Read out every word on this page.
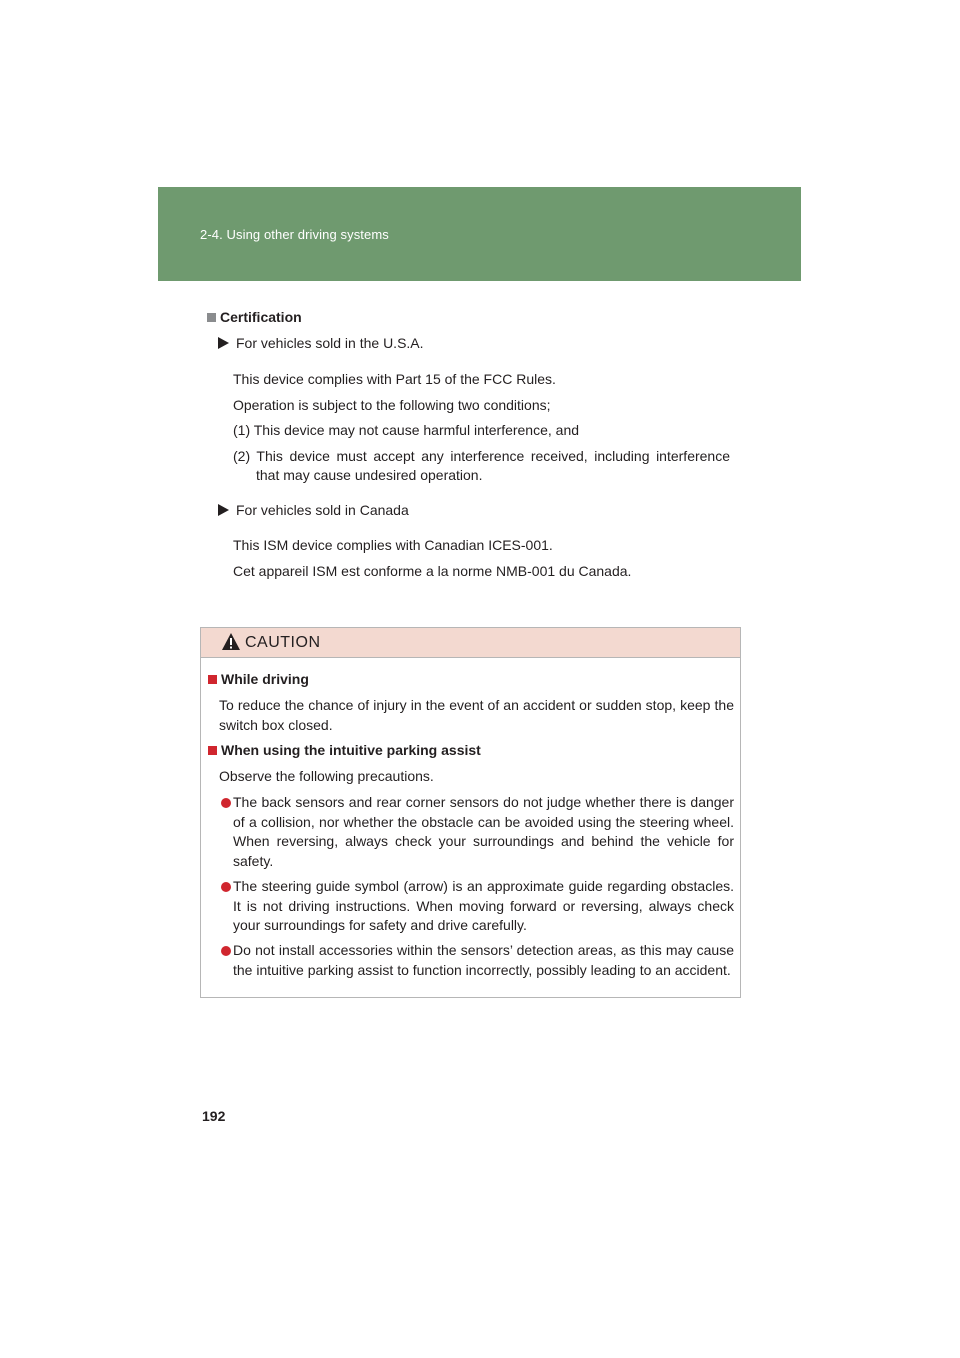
2-4. Using other driving systems
Certification
For vehicles sold in the U.S.A.
This device complies with Part 15 of the FCC Rules.
Operation is subject to the following two conditions;
(1) This device may not cause harmful interference, and
(2) This device must accept any interference received, including interference
that may cause undesired operation.
For vehicles sold in Canada
This ISM device complies with Canadian ICES-001.
Cet appareil ISM est conforme a la norme NMB-001 du Canada.
CAUTION
While driving
To reduce the chance of injury in the event of an accident or sudden stop, keep the switch box closed.
When using the intuitive parking assist
Observe the following precautions.
The back sensors and rear corner sensors do not judge whether there is danger of a collision, nor whether the obstacle can be avoided using the steering wheel. When reversing, always check your surroundings and behind the vehicle for safety.
The steering guide symbol (arrow) is an approximate guide regarding obstacles. It is not driving instructions. When moving forward or reversing, always check your surroundings for safety and drive carefully.
Do not install accessories within the sensors’ detection areas, as this may cause the intuitive parking assist to function incorrectly, possibly leading to an accident.
192
